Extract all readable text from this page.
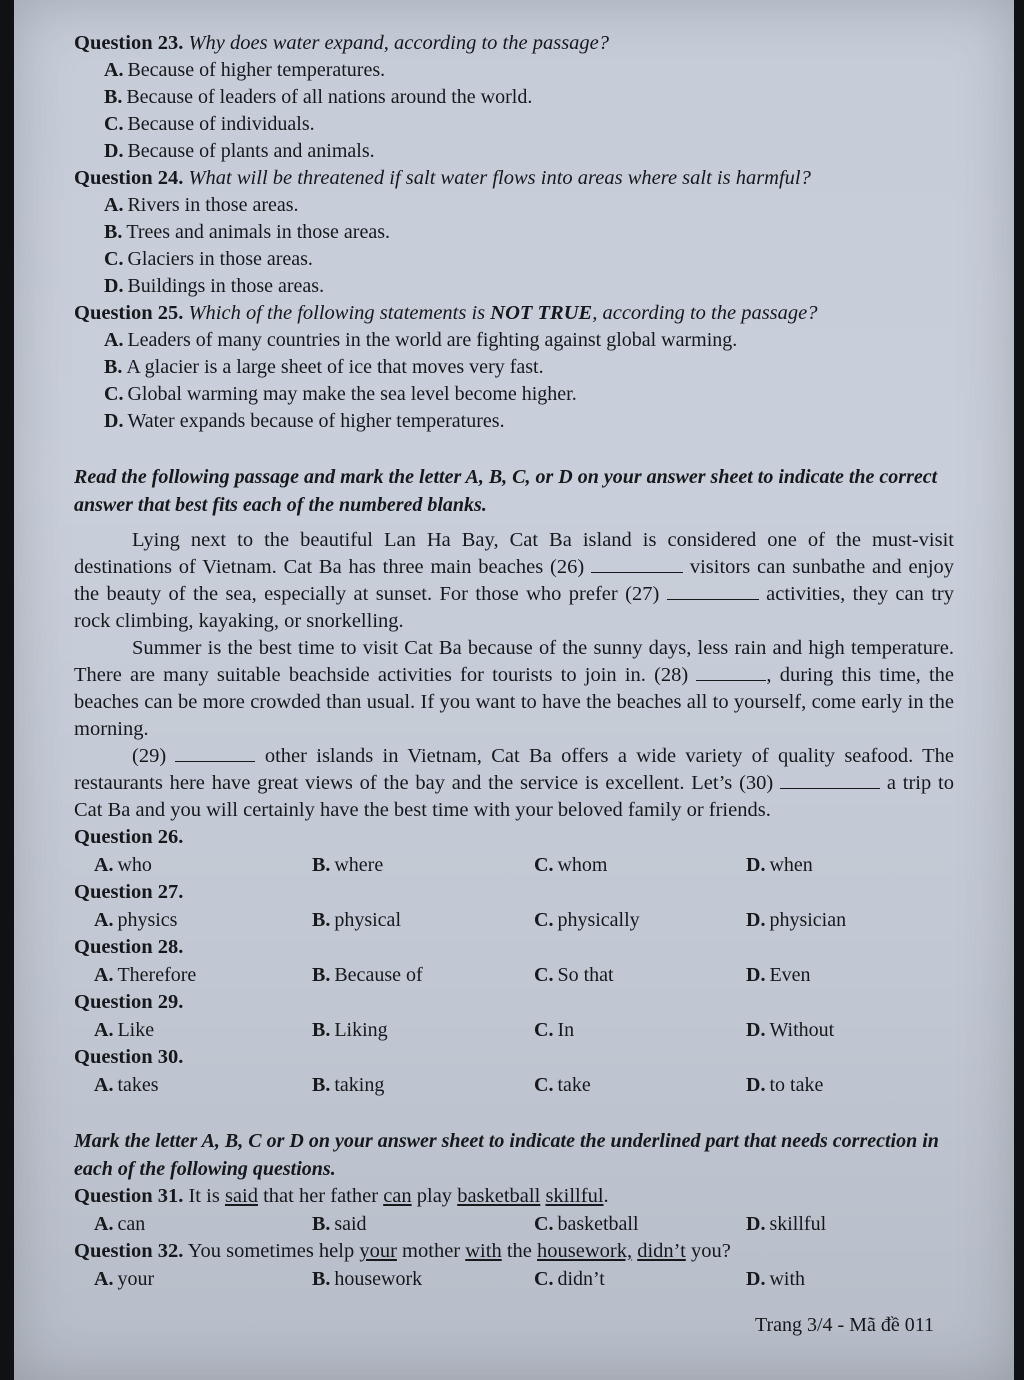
Question 23. Why does water expand, according to the passage?

A. Because of higher temperatures.

B. Because of leaders of all nations around the world.

C. Because of individuals.

D. Because of plants and animals.

Question 24. What will be threatened if salt water flows into areas where salt is harmful?

A. Rivers in those areas.

B. Trees and animals in those areas.

C. Glaciers in those areas.

D. Buildings in those areas.

Question 25. Which of the following statements is NOT TRUE, according to the passage?

A. Leaders of many countries in the world are fighting against global warming.

B. A glacier is a large sheet of ice that moves very fast.

C. Global warming may make the sea level become higher.

D. Water expands because of higher temperatures.

Read the following passage and mark the letter A, B, C, or D on your answer sheet to indicate the correct answer that best fits each of the numbered blanks.

Lying next to the beautiful Lan Ha Bay, Cat Ba island is considered one of the must-visit destinations of Vietnam. Cat Ba has three main beaches (26)	visitors can sunbathe and enjoy the beauty of the sea, especially at sunset. For those who prefer (27)	activities, they can try rock climbing, kayaking, or snorkelling.

Summer is the best time to visit Cat Ba because of the sunny days, less rain and high temperature. There are many suitable beachside activities for tourists to join in. (28)	, during this time, the beaches can be more crowded than usual. If you want to have the beaches all to yourself, come early in the morning.

(29)	other islands in Vietnam, Cat Ba offers a wide variety of quality seafood. The restaurants here have great views of the bay and the service is excellent. Let’s (30)	a trip to Cat Ba and you will certainly have the best time with your beloved family or friends.

Question 26.

A. who	B. where	C. whom	D. when

Question 27.

A. physics	B. physical	C. physically	D. physician

Question 28.

A. Therefore	B. Because of	C. So that	D. Even

Question 29.

A. Like	B. Liking	C. In	D. Without

Question 30.

A. takes	B. taking	C. take	D. to take

Mark the letter A, B, C or D on your answer sheet to indicate the underlined part that needs correction in each of the following questions.

Question 31. It is said that her father can play basketball skillful.

A. can	B. said	C. basketball	D. skillful

Question 32. You sometimes help your mother with the housework, didn’t you?

A. your	B. housework	C. didn’t	D. with
Trang 3/4 - Mã đề 011
